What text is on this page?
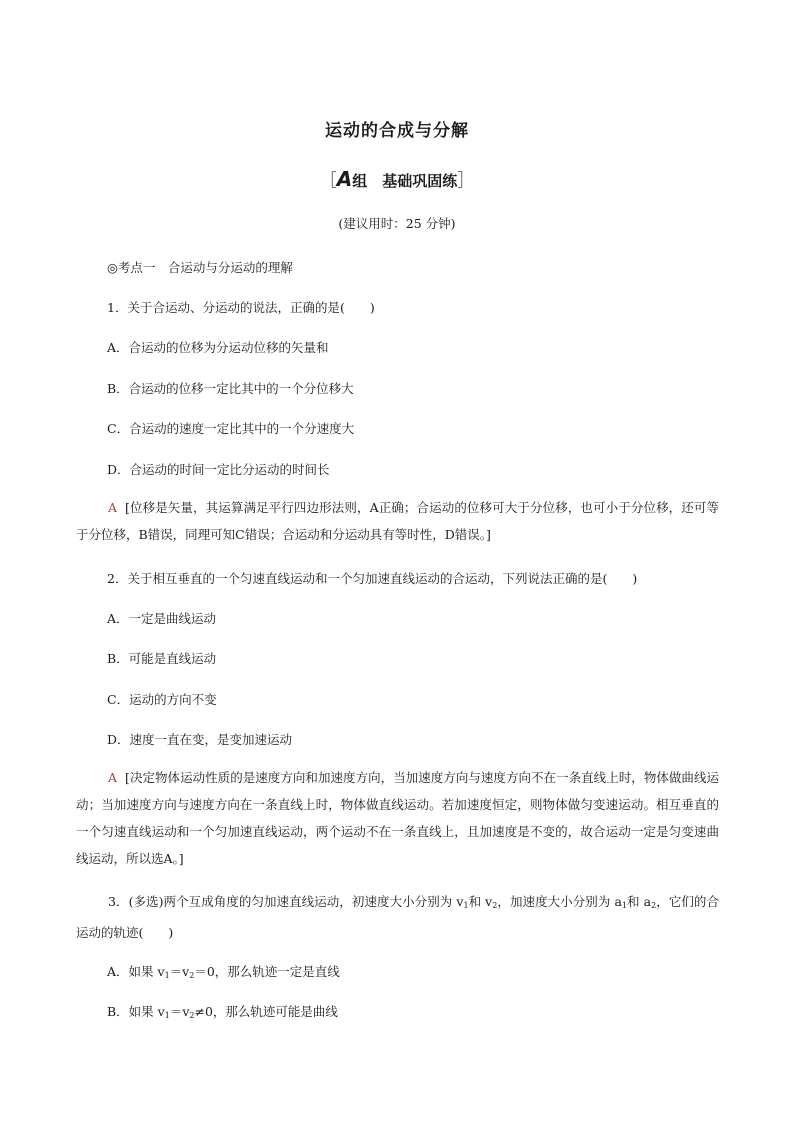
运动的合成与分解
［A组　基础巩固练］
(建议用时：25 分钟)
◎考点一　合运动与分运动的理解
1．关于合运动、分运动的说法，正确的是(　　)
A．合运动的位移为分运动位移的矢量和
B．合运动的位移一定比其中的一个分位移大
C．合运动的速度一定比其中的一个分速度大
D．合运动的时间一定比分运动的时间长
A [位移是矢量，其运算满足平行四边形法则，A正确；合运动的位移可大于分位移，也可小于分位移，还可等于分位移，B错误，同理可知C错误；合运动和分运动具有等时性，D错误。]
2．关于相互垂直的一个匀速直线运动和一个匀加速直线运动的合运动，下列说法正确的是(　　)
A．一定是曲线运动
B．可能是直线运动
C．运动的方向不变
D．速度一直在变，是变加速运动
A [决定物体运动性质的是速度方向和加速度方向，当加速度方向与速度方向不在一条直线上时，物体做曲线运动；当加速度方向与速度方向在一条直线上时，物体做直线运动。若加速度恒定，则物体做匀变速运动。相互垂直的一个匀速直线运动和一个匀加速直线运动，两个运动不在一条直线上，且加速度是不变的，故合运动一定是匀变速曲线运动，所以选A。]
3．(多选)两个互成角度的匀加速直线运动，初速度大小分别为 $v_1$和 $v_2$，加速度大小分别为 $a_1$和 $a_2$，它们的合运动的轨迹(　　)
A．如果 $v_1=v_2=0$，那么轨迹一定是直线
B．如果 $v_1=v_2\ne 0$，那么轨迹可能是曲线
